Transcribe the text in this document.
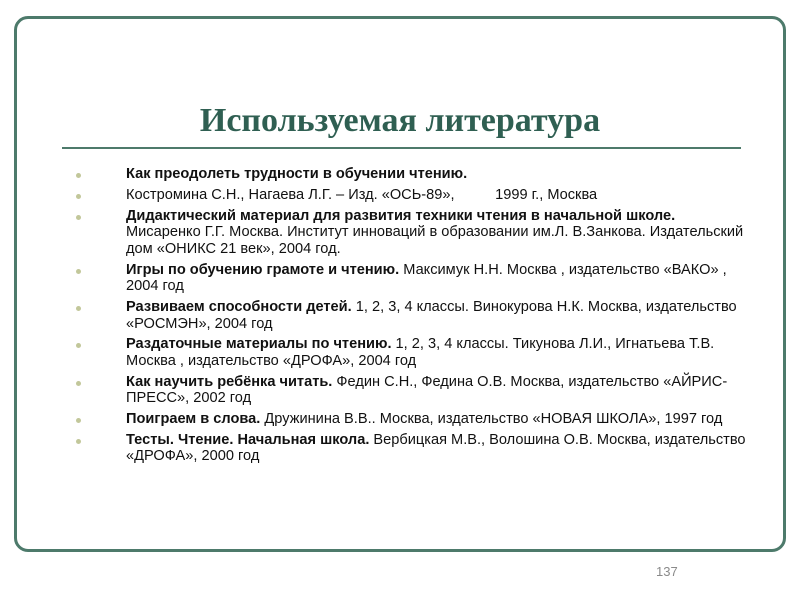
Используемая литература
Как преодолеть трудности в обучении чтению.
Костромина С.Н., Нагаева Л.Г. – Изд. «ОСЬ-89»,          1999 г., Москва
Дидактический материал для развития техники чтения в начальной школе. Мисаренко Г.Г. Москва. Институт инноваций в образовании им.Л. В.Занкова. Издательский дом «ОНИКС 21 век», 2004 год.
Игры по обучению грамоте и чтению. Максимук Н.Н. Москва , издательство «ВАКО» , 2004 год
Развиваем способности детей. 1, 2, 3, 4 классы. Винокурова Н.К. Москва, издательство «РОСМЭН», 2004 год
Раздаточные материалы по чтению. 1, 2, 3, 4 классы. Тикунова Л.И., Игнатьева Т.В. Москва , издательство «ДРОФА», 2004 год
Как научить ребёнка читать. Федин С.Н., Федина О.В. Москва, издательство «АЙРИС-ПРЕСС», 2002 год
Поиграем в слова. Дружинина В.В.. Москва, издательство «НОВАЯ ШКОЛА», 1997 год
Тесты. Чтение. Начальная школа. Вербицкая М.В., Волошина О.В. Москва, издательство «ДРОФА», 2000 год
137
